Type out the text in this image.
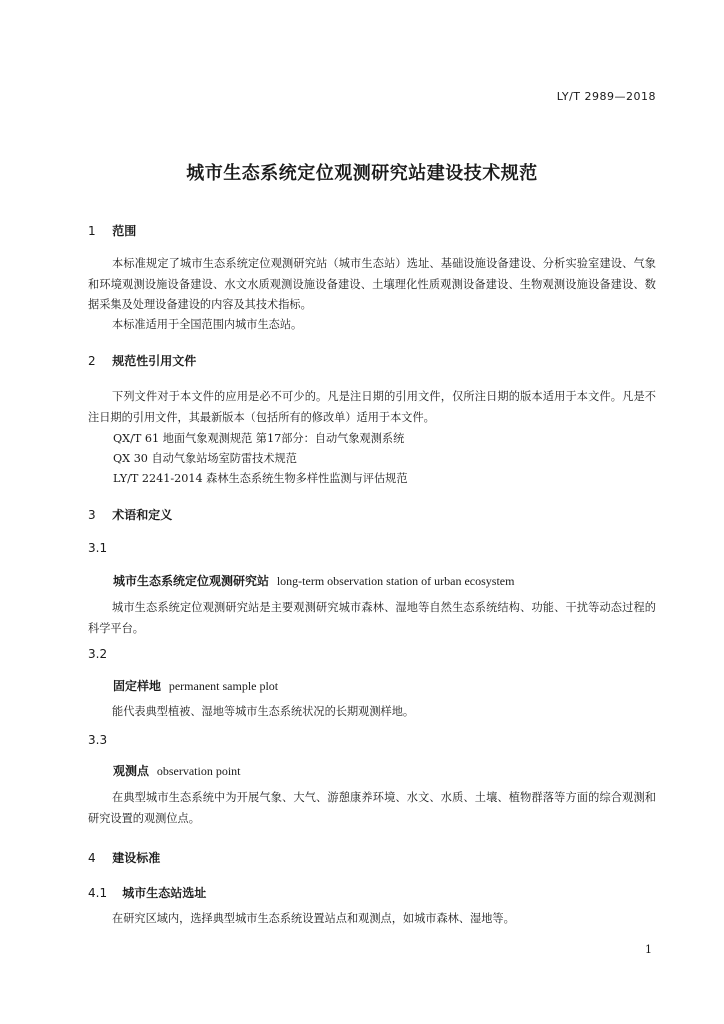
LY/T 2989—2018
城市生态系统定位观测研究站建设技术规范
1 范围

本标准规定了城市生态系统定位观测研究站（城市生态站）选址、基础设施设备建设、分析实验室建设、气象和环境观测设施设备建设、水文水质观测设施设备建设、土壤理化性质观测设备建设、生物观测设施设备建设、数据采集及处理设备建设的内容及其技术指标。

本标准适用于全国范围内城市生态站。

2 规范性引用文件

下列文件对于本文件的应用是必不可少的。凡是注日期的引用文件，仅所注日期的版本适用于本文件。凡是不注日期的引用文件，其最新版本（包括所有的修改单）适用于本文件。

QX/T 61 地面气象观测规范 第17部分：自动气象观测系统
QX 30 自动气象站场室防雷技术规范
LY/T 2241-2014 森林生态系统生物多样性监测与评估规范
3 术语和定义
3.1
城市生态系统定位观测研究站 long-term observation station of urban ecosystem

城市生态系统定位观测研究站是主要观测研究城市森林、湿地等自然生态系统结构、功能、干扰等动态过程的科学平台。

3.2
固定样地 permanent sample plot

能代表典型植被、湿地等城市生态系统状况的长期观测样地。

3.3
观测点 observation point

在典型城市生态系统中为开展气象、大气、游憩康养环境、水文、水质、土壤、植物群落等方面的综合观测和研究设置的观测位点。

4 建设标准
4.1 城市生态站选址

在研究区域内，选择典型城市生态系统设置站点和观测点，如城市森林、湿地等。

1
